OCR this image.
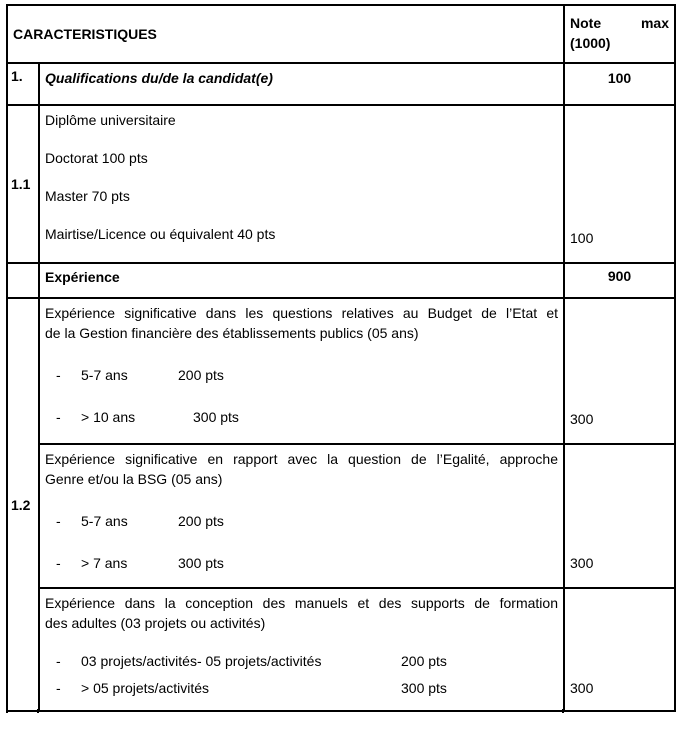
CARACTERISTIQUES		Note max
(1000)

1.	Qualifications du/de la candidat(e)	100
1.1	Diplôme universitaire

Doctorat 100 pts

Master 70 pts

Mairtise/Licence ou équivalent 40 pts	100
	Expérience	900
1.2	Expérience significative dans les questions relatives au Budget de l’Etat et
de la Gestion financière des établissements publics (05 ans)
- 5-7 ans 200 pts
- > 10 ans 300 pts	300

	Expérience significative en rapport avec la question de l’Egalité, approche
Genre et/ou la BSG (05 ans)
- 5-7 ans 200 pts
- > 7 ans 300 pts	300

	Expérience dans la conception des manuels et des supports de formation
des adultes (03 projets ou activités)
- 03 projets/activités- 05 projets/activités 200 pts
- > 05 projets/activités 300 pts	300
